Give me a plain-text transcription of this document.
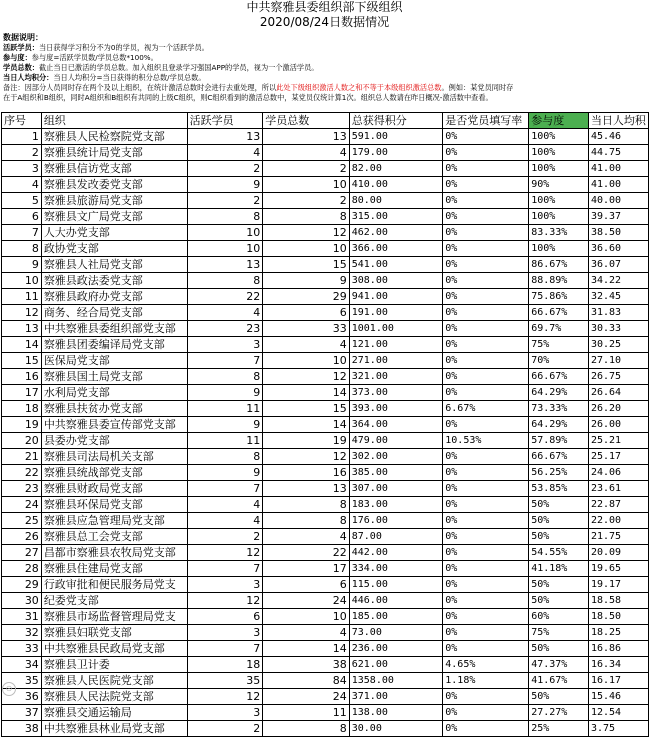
中共察雅县委组织部下级组织
2020/08/24日数据情况
数据说明：
活跃学员：当日获得学习积分不为0的学员，视为一个活跃学员。
参与度：参与度=活跃学员数/学员总数*100%。
学员总数：截止当日已激活的学员总数。加入组织且登录学习强国APP的学员，视为一个激活学员。
当日人均积分：当日人均积分=当日获得的积分总数/学员总数。
备注：因部分人员同时存在两个及以上组织，在统计激活总数时会进行去重处理，所以此处下级组织激活人数之和不等于本级组织激活总数。例如：某党员同时存
在于A组织和B组织，同时A组织和B组织有共同的上级C组织，则C组织看到的激活总数中，某党员仅统计算1次。组织总人数请在昨日概况-激活数中查看。
序号	组织	活跃学员	学员总数	总获得积分	是否党员填写率	参与度	当日人均积
1	察雅县人民检察院党支部	13	13	591.00	0%	100%	45.46
2	察雅县统计局党支部	4	4	179.00	0%	100%	44.75
3	察雅县信访党支部	2	2	82.00	0%	100%	41.00
4	察雅县发改委党支部	9	10	410.00	0%	90%	41.00
5	察雅县旅游局党支部	2	2	80.00	0%	100%	40.00
6	察雅县文广局党支部	8	8	315.00	0%	100%	39.37
7	人大办党支部	10	12	462.00	0%	83.33%	38.50
8	政协党支部	10	10	366.00	0%	100%	36.60
9	察雅县人社局党支部	13	15	541.00	0%	86.67%	36.07
10	察雅县政法委党支部	8	9	308.00	0%	88.89%	34.22
11	察雅县政府办党支部	22	29	941.00	0%	75.86%	32.45
12	商务、经合局党支部	4	6	191.00	0%	66.67%	31.83
13	中共察雅县委组织部党支部	23	33	1001.00	0%	69.7%	30.33
14	察雅县团委编译局党支部	3	4	121.00	0%	75%	30.25
15	医保局党支部	7	10	271.00	0%	70%	27.10
16	察雅县国土局党支部	8	12	321.00	0%	66.67%	26.75
17	水利局党支部	9	14	373.00	0%	64.29%	26.64
18	察雅县扶贫办党支部	11	15	393.00	6.67%	73.33%	26.20
19	中共察雅县委宣传部党支部	9	14	364.00	0%	64.29%	26.00
20	县委办党支部	11	19	479.00	10.53%	57.89%	25.21
21	察雅县司法局机关支部	8	12	302.00	0%	66.67%	25.17
22	察雅县统战部党支部	9	16	385.00	0%	56.25%	24.06
23	察雅县财政局党支部	7	13	307.00	0%	53.85%	23.61
24	察雅县环保局党支部	4	8	183.00	0%	50%	22.87
25	察雅县应急管理局党支部	4	8	176.00	0%	50%	22.00
26	察雅县总工会党支部	2	4	87.00	0%	50%	21.75
27	昌都市察雅县农牧局党支部	12	22	442.00	0%	54.55%	20.09
28	察雅县住建局党支部	7	17	334.00	0%	41.18%	19.65
29	行政审批和便民服务局党支	3	6	115.00	0%	50%	19.17
30	纪委党支部	12	24	446.00	0%	50%	18.58
31	察雅县市场监督管理局党支	6	10	185.00	0%	60%	18.50
32	察雅县妇联党支部	3	4	73.00	0%	75%	18.25
33	中共察雅县民政局党支部	7	14	236.00	0%	50%	16.86
34	察雅县卫计委	18	38	621.00	4.65%	47.37%	16.34
35	察雅县人民医院党支部	35	84	1358.00	1.18%	41.67%	16.17
36	察雅县人民法院党支部	12	24	371.00	0%	50%	15.46
37	察雅县交通运输局	3	11	138.00	0%	27.27%	12.54
38	中共察雅县林业局党支部	2	8	30.00	0%	25%	3.75
⊙
